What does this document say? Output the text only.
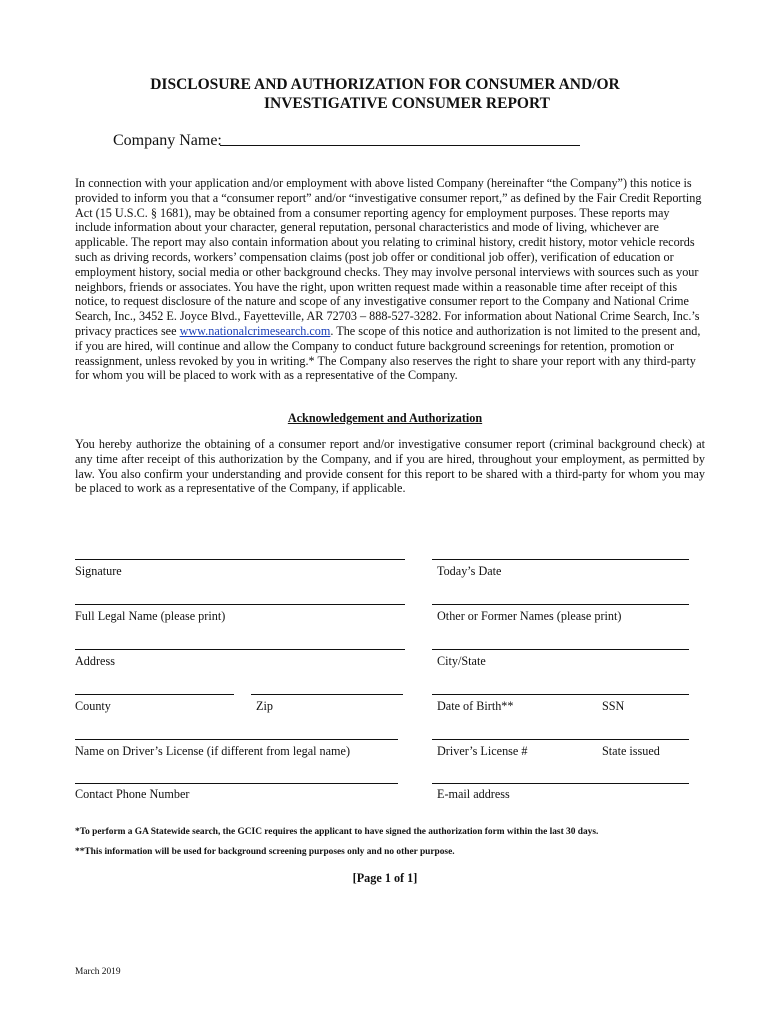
DISCLOSURE AND AUTHORIZATION FOR CONSUMER AND/OR
INVESTIGATIVE CONSUMER REPORT
Company Name:
In connection with your application and/or employment with above listed Company (hereinafter “the Company”) this notice is provided to inform you that a “consumer report” and/or “investigative consumer report,” as defined by the Fair Credit Reporting Act (15 U.S.C. § 1681), may be obtained from a consumer reporting agency for employment purposes. These reports may include information about your character, general reputation, personal characteristics and mode of living, whichever are applicable. The report may also contain information about you relating to criminal history, credit history, motor vehicle records such as driving records, workers’ compensation claims (post job offer or conditional job offer), verification of education or employment history, social media or other background checks. They may involve personal interviews with sources such as your neighbors, friends or associates. You have the right, upon written request made within a reasonable time after receipt of this notice, to request disclosure of the nature and scope of any investigative consumer report to the Company and National Crime Search, Inc., 3452 E. Joyce Blvd., Fayetteville, AR 72703 – 888-527-3282. For information about National Crime Search, Inc.’s privacy practices see www.nationalcrimesearch.com. The scope of this notice and authorization is not limited to the present and, if you are hired, will continue and allow the Company to conduct future background screenings for retention, promotion or reassignment, unless revoked by you in writing.* The Company also reserves the right to share your report with any third-party for whom you will be placed to work with as a representative of the Company.
Acknowledgement and Authorization
You hereby authorize the obtaining of a consumer report and/or investigative consumer report (criminal background check) at any time after receipt of this authorization by the Company, and if you are hired, throughout your employment, as permitted by law. You also confirm your understanding and provide consent for this report to be shared with a third-party for whom you may be placed to work as a representative of the Company, if applicable.
Signature	Today’s Date
Full Legal Name (please print)	Other or Former Names (please print)
Address	City/State
County	Zip	Date of Birth**	SSN
Name on Driver’s License (if different from legal name)	Driver’s License #	State issued
Contact Phone Number	E-mail address
*To perform a GA Statewide search, the GCIC requires the applicant to have signed the authorization form within the last 30 days.
**This information will be used for background screening purposes only and no other purpose.
[Page 1 of 1]
March 2019
